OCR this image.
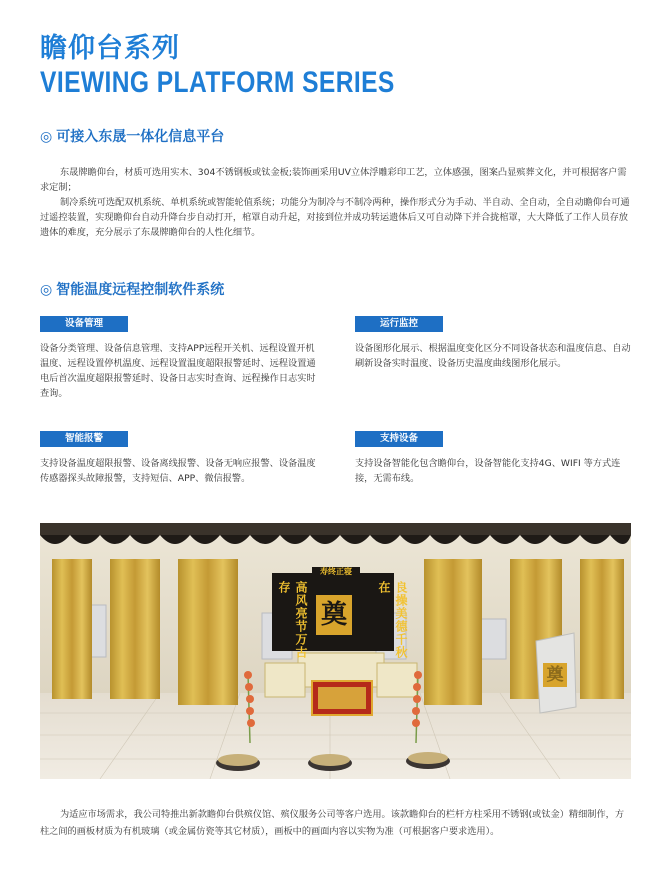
瞻仰台系列
VIEWING PLATFORM SERIES
◎ 可接入东晟一体化信息平台

东晟牌瞻仰台，材质可选用实木、304不锈钢板或钛金板;装饰画采用UV立体浮雕彩印工艺，立体感强，图案凸显殡葬文化，并可根据客户需求定制；

制冷系统可选配双机系统、单机系统或智能轮值系统；功能分为制冷与不制冷两种，操作形式分为手动、半自动、全自动，全自动瞻仰台可通过遥控装置，实现瞻仰台自动升降台步自动打开，棺罩自动升起，对接到位并成功转运遗体后又可自动降下并合拢棺罩，大大降低了工作人员存放遗体的难度，充分展示了东晟牌瞻仰台的人性化细节。

◎ 智能温度远程控制软件系统
设备管理
设备分类管理、设备信息管理、支持APP远程开关机、远程设置开机温度、远程设置停机温度、远程设置温度超限报警延时、远程设置通电后首次温度超限报警延时、设备日志实时查询、远程操作日志实时查询。
运行监控
设备图形化展示、根据温度变化区分不同设备状态和温度信息、自动刷新设备实时温度、设备历史温度曲线图形化展示。
智能报警
支持设备温度超限报警、设备离线报警、设备无响应报警、设备温度传感器探头故障报警，支持短信、APP、微信报警。
支持设备
支持设备智能化包含瞻仰台，设备智能化支持4G、WIFI 等方式连接，无需布线。
寿终正寝
奠
高风亮节万古存	良操美德千秋在
奠

为适应市场需求，我公司特推出新款瞻仰台供殡仪馆、殡仪服务公司等客户选用。该款瞻仰台的栏杆方柱采用不锈钢(或钛金）精细制作，方柱之间的画板材质为有机玻璃（或金属仿瓷等其它材质），画板中的画面内容以实物为准（可根据客户要求选用）。
